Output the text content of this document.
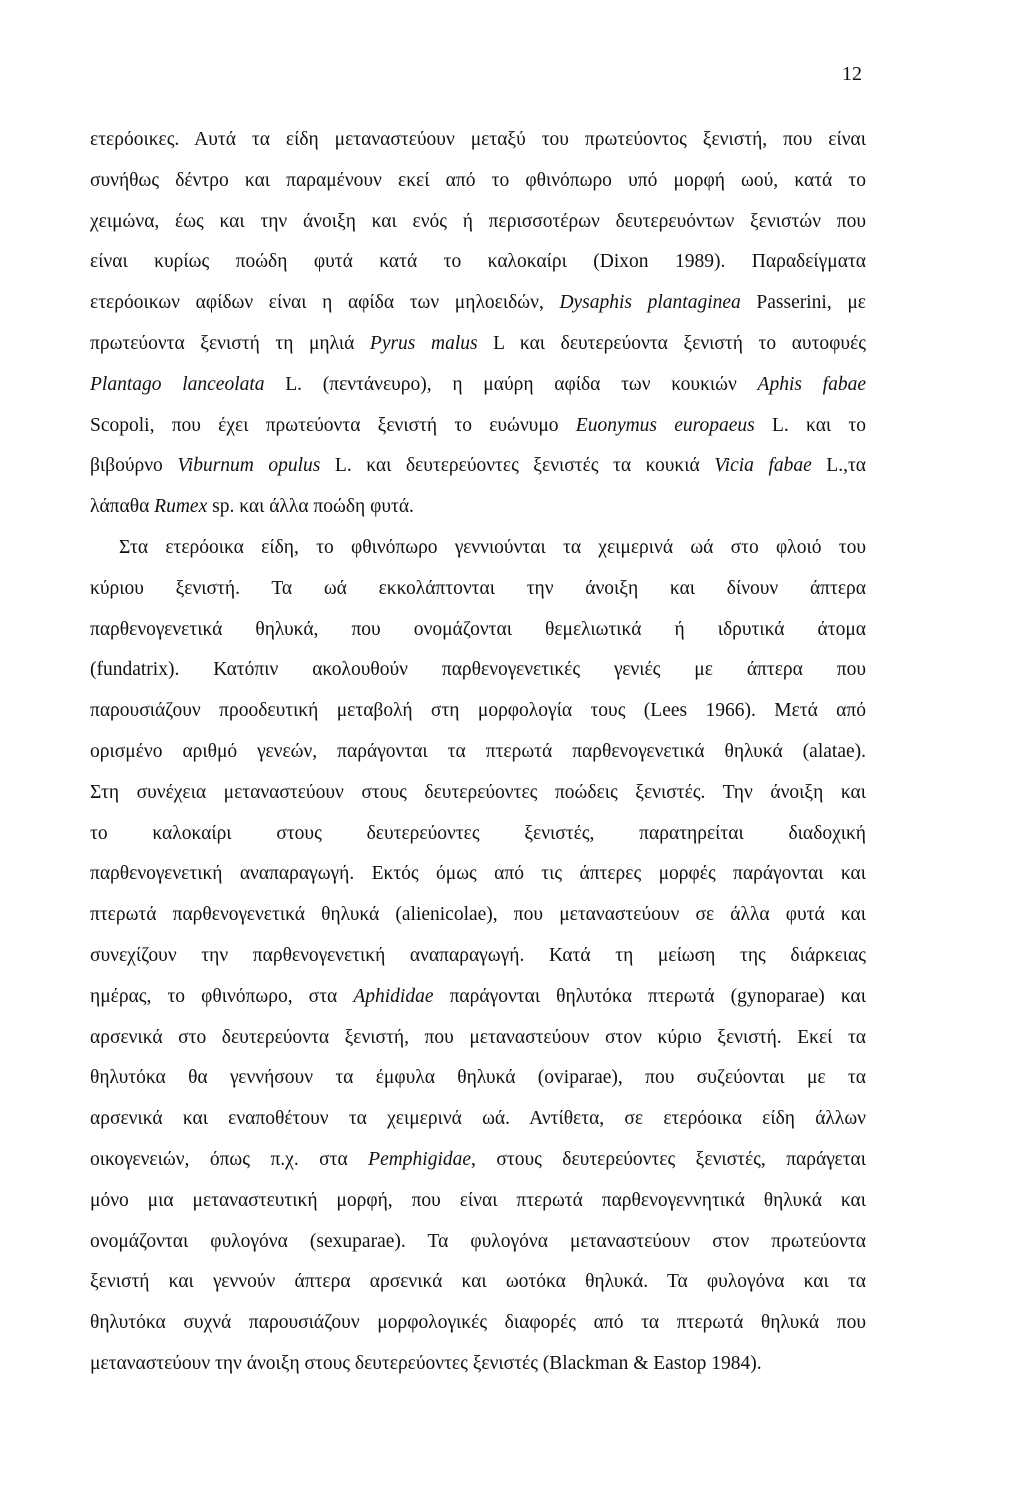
12
ετερόοικες. Αυτά τα είδη μεταναστεύουν μεταξύ του πρωτεύοντος ξενιστή, που είναι
συνήθως δέντρο και παραμένουν εκεί από το φθινόπωρο υπό μορφή ωού, κατά το
χειμώνα, έως και την άνοιξη και ενός ή περισσοτέρων δευτερευόντων ξενιστών που
είναι κυρίως ποώδη φυτά κατά το καλοκαίρι (Dixon 1989). Παραδείγματα
ετερόοικων αφίδων είναι η αφίδα των μηλοειδών, Dysaphis plantaginea Passerini, με
πρωτεύοντα ξενιστή τη μηλιά Pyrus malus L και δευτερεύοντα ξενιστή το αυτοφυές
Plantago lanceolata L. (πεντάνευρο), η μαύρη αφίδα των κουκιών Aphis fabae
Scopoli, που έχει πρωτεύοντα ξενιστή το ευώνυμο Euonymus europaeus L. και το
βιβούρνο Viburnum opulus L. και δευτερεύοντες ξενιστές τα κουκιά Vicia fabae L.,τα
λάπαθα Rumex sp. και άλλα ποώδη φυτά.
Στα ετερόοικα είδη, το φθινόπωρο γεννιούνται τα χειμερινά ωά στο φλοιό του
κύριου ξενιστή. Τα ωά εκκολάπτονται την άνοιξη και δίνουν άπτερα
παρθενογενετικά θηλυκά, που ονομάζονται θεμελιωτικά ή ιδρυτικά άτομα
(fundatrix). Κατόπιν ακολουθούν παρθενογενετικές γενιές με άπτερα που
παρουσιάζουν προοδευτική μεταβολή στη μορφολογία τους (Lees 1966). Μετά από
ορισμένο αριθμό γενεών, παράγονται τα πτερωτά παρθενογενετικά θηλυκά (alatae).
Στη συνέχεια μεταναστεύουν στους δευτερεύοντες ποώδεις ξενιστές. Την άνοιξη και
το καλοκαίρι στους δευτερεύοντες ξενιστές, παρατηρείται διαδοχική
παρθενογενετική αναπαραγωγή. Εκτός όμως από τις άπτερες μορφές παράγονται και
πτερωτά παρθενογενετικά θηλυκά (alienicolae), που μεταναστεύουν σε άλλα φυτά και
συνεχίζουν την παρθενογενετική αναπαραγωγή. Κατά τη μείωση της διάρκειας
ημέρας, το φθινόπωρο, στα Aphididae παράγονται θηλυτόκα πτερωτά (gynoparae) και
αρσενικά στο δευτερεύοντα ξενιστή, που μεταναστεύουν στον κύριο ξενιστή. Εκεί τα
θηλυτόκα θα γεννήσουν τα έμφυλα θηλυκά (oviparae), που συζεύονται με τα
αρσενικά και εναποθέτουν τα χειμερινά ωά. Αντίθετα, σε ετερόοικα είδη άλλων
οικογενειών, όπως π.χ. στα Pemphigidae, στους δευτερεύοντες ξενιστές, παράγεται
μόνο μια μεταναστευτική μορφή, που είναι πτερωτά παρθενογεννητικά θηλυκά και
ονομάζονται φυλογόνα (sexuparae). Τα φυλογόνα μεταναστεύουν στον πρωτεύοντα
ξενιστή και γεννούν άπτερα αρσενικά και ωοτόκα θηλυκά. Τα φυλογόνα και τα
θηλυτόκα συχνά παρουσιάζουν μορφολογικές διαφορές από τα πτερωτά θηλυκά που
μεταναστεύουν την άνοιξη στους δευτερεύοντες ξενιστές (Blackman & Eastop 1984).
